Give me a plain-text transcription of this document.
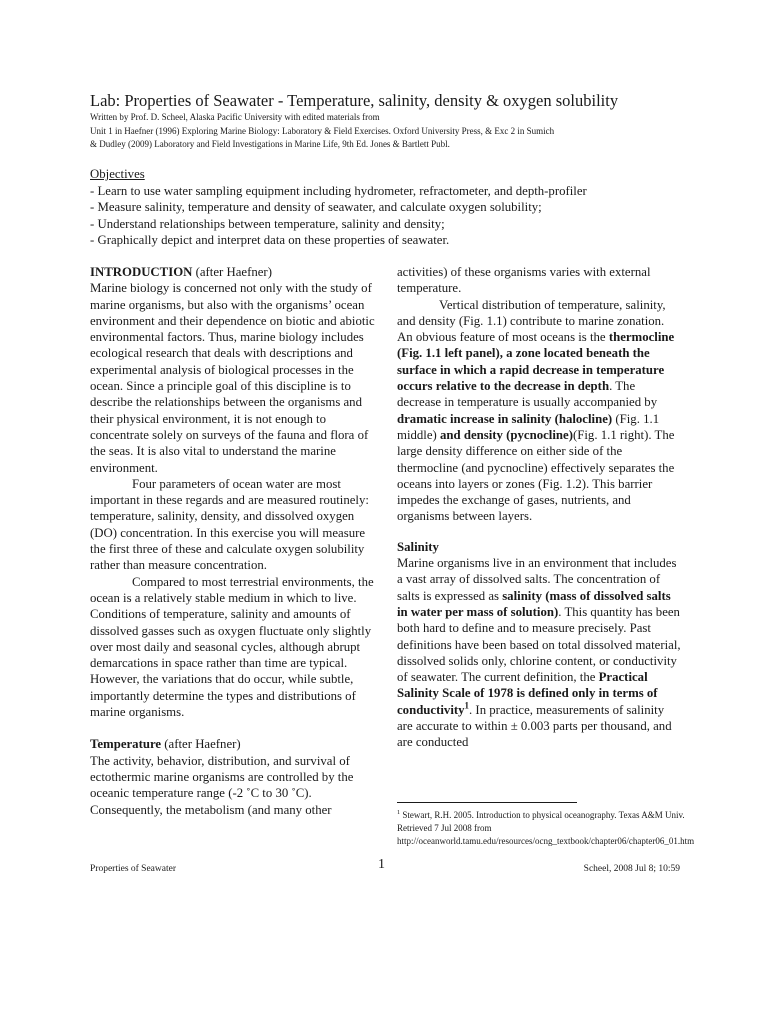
Lab: Properties of Seawater - Temperature, salinity, density & oxygen solubility
Written by Prof. D. Scheel, Alaska Pacific University with edited materials from
Unit 1 in Haefner (1996) Exploring Marine Biology: Laboratory & Field Exercises. Oxford University Press, & Exc 2 in Sumich
& Dudley (2009) Laboratory and Field Investigations in Marine Life, 9th Ed. Jones & Bartlett Publ.
Objectives
- Learn to use water sampling equipment including hydrometer, refractometer, and depth-profiler
- Measure salinity, temperature and density of seawater, and calculate oxygen solubility;
- Understand relationships between temperature, salinity and density;
- Graphically depict and interpret data on these properties of seawater.

INTRODUCTION (after Haefner)

Marine biology is concerned not only with the study of marine organisms, but also with the organisms’ ocean environment and their dependence on biotic and abiotic environmental factors. Thus, marine biology includes ecological research that deals with descriptions and experimental analysis of biological processes in the ocean. Since a principle goal of this discipline is to describe the relationships between the organisms and their physical environment, it is not enough to concentrate solely on surveys of the fauna and flora of the seas. It is also vital to understand the marine environment.

Four parameters of ocean water are most important in these regards and are measured routinely: temperature, salinity, density, and dissolved oxygen (DO) concentration. In this exercise you will measure the first three of these and calculate oxygen solubility rather than measure concentration.

Compared to most terrestrial environments, the ocean is a relatively stable medium in which to live. Conditions of temperature, salinity and amounts of dissolved gasses such as oxygen fluctuate only slightly over most daily and seasonal cycles, although abrupt demarcations in space rather than time are typical. However, the variations that do occur, while subtle, importantly determine the types and distributions of marine organisms.

Temperature (after Haefner)

The activity, behavior, distribution, and survival of ectothermic marine organisms are controlled by the oceanic temperature range (-2 ˚C to 30 ˚C). Consequently, the metabolism (and many other

activities) of these organisms varies with external temperature.

Vertical distribution of temperature, salinity, and density (Fig. 1.1) contribute to marine zonation. An obvious feature of most oceans is the thermocline (Fig. 1.1 left panel), a zone located beneath the surface in which a rapid decrease in temperature occurs relative to the decrease in depth. The decrease in temperature is usually accompanied by dramatic increase in salinity (halocline) (Fig. 1.1 middle) and density (pycnocline)(Fig. 1.1 right). The large density difference on either side of the thermocline (and pycnocline) effectively separates the oceans into layers or zones (Fig. 1.2). This barrier impedes the exchange of gases, nutrients, and organisms between layers.

Salinity

Marine organisms live in an environment that includes a vast array of dissolved salts. The concentration of salts is expressed as salinity (mass of dissolved salts in water per mass of solution). This quantity has been both hard to define and to measure precisely. Past definitions have been based on total dissolved material, dissolved solids only, chlorine content, or conductivity of seawater. The current definition, the Practical Salinity Scale of 1978 is defined only in terms of conductivity$^1$. In practice, measurements of salinity are accurate to within ± 0.003 parts per thousand, and are conducted

$^1$ Stewart, R.H. 2005. Introduction to physical oceanography. Texas A&M Univ. Retrieved 7 Jul 2008 from http://oceanworld.tamu.edu/resources/ocng_textbook/chapter06/chapter06_01.htm
Properties of Seawater	1	Scheel, 2008 Jul 8; 10:59
